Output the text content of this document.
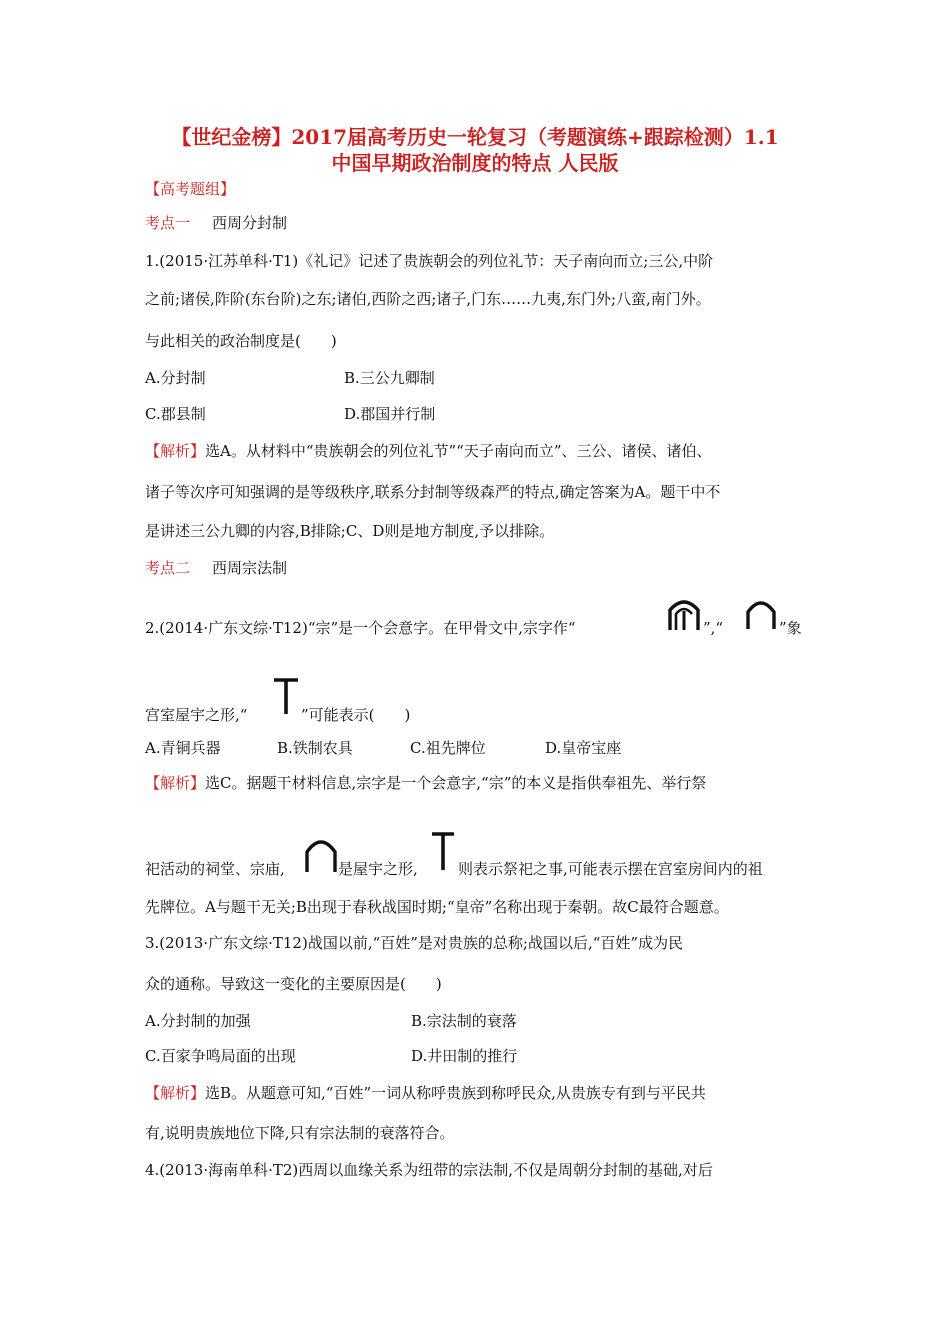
【世纪金榜】2017届高考历史一轮复习（考题演练+跟踪检测）1.1
中国早期政治制度的特点 人民版
【高考题组】
考点一 西周分封制
1.(2015·江苏单科·T1)《礼记》记述了贵族朝会的列位礼节：天子南向而立;三公,中阶
之前;诸侯,阼阶(东台阶)之东;诸伯,西阶之西;诸子,门东……九夷,东门外;八蛮,南门外。
与此相关的政治制度是(　　)
A.分封制	B.三公九卿制
C.郡县制	D.郡国并行制
【解析】选A。从材料中“贵族朝会的列位礼节”“天子南向而立”、三公、诸侯、诸伯、
诸子等次序可知强调的是等级秩序,联系分封制等级森严的特点,确定答案为A。题干中不
是讲述三公九卿的内容,B排除;C、D则是地方制度,予以排除。
考点二 西周宗法制
2.(2014·广东文综·T12)“宗”是一个会意字。在甲骨文中,宗字作“	”,“	”象
宫室屋宇之形,“	”可能表示(　　)
A.青铜兵器	B.铁制农具	C.祖先牌位	D.皇帝宝座
【解析】选C。据题干材料信息,宗字是一个会意字,“宗”的本义是指供奉祖先、举行祭
祀活动的祠堂、宗庙,	是屋宇之形,	则表示祭祀之事,可能表示摆在宫室房间内的祖
先牌位。A与题干无关;B出现于春秋战国时期;“皇帝”名称出现于秦朝。故C最符合题意。
3.(2013·广东文综·T12)战国以前,“百姓”是对贵族的总称;战国以后,“百姓”成为民
众的通称。导致这一变化的主要原因是(　　)
A.分封制的加强	B.宗法制的衰落
C.百家争鸣局面的出现	D.井田制的推行
【解析】选B。从题意可知,“百姓”一词从称呼贵族到称呼民众,从贵族专有到与平民共
有,说明贵族地位下降,只有宗法制的衰落符合。
4.(2013·海南单科·T2)西周以血缘关系为纽带的宗法制,不仅是周朝分封制的基础,对后
